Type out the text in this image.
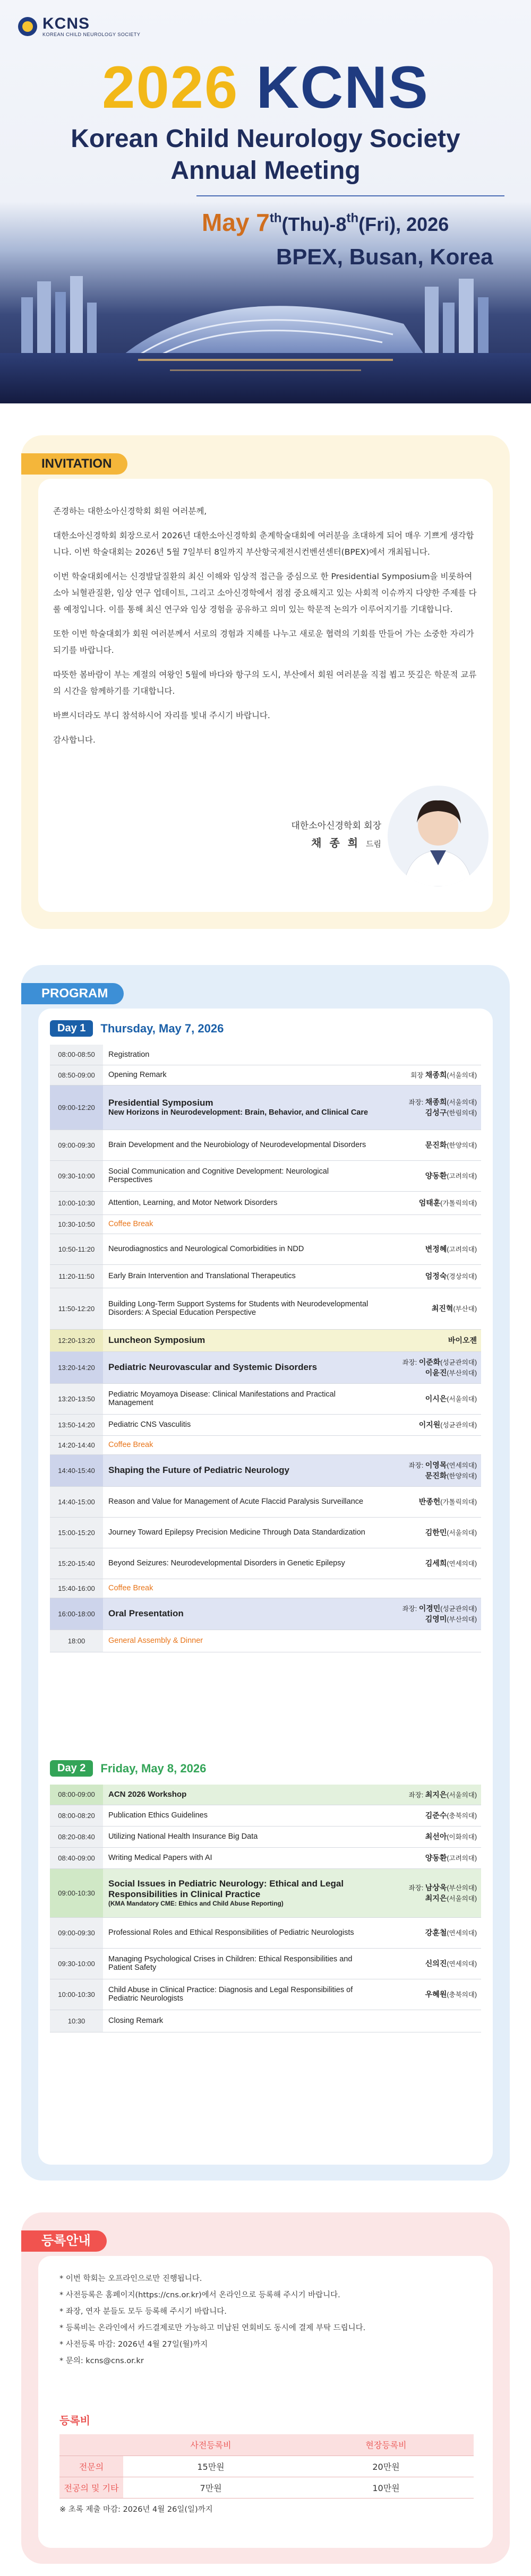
KCNS
KOREAN CHILD NEUROLOGY SOCIETY
2026 KCNS
Korean Child Neurology Society
Annual Meeting
May 7th(Thu)-8th(Fri), 2026
BPEX, Busan, Korea
INVITATION

존경하는 대한소아신경학회 회원 여러분께,

대한소아신경학회 회장으로서 2026년 대한소아신경학회 춘계학술대회에 여러분을 초대하게 되어 매우 기쁘게 생각합니다. 이번 학술대회는 2026년 5월 7일부터 8일까지 부산항국제전시컨벤션센터(BPEX)에서 개최됩니다.

이번 학술대회에서는 신경발달질환의 최신 이해와 임상적 접근을 중심으로 한 Presidential Symposium을 비롯하여 소아 뇌혈관질환, 임상 연구 업데이트, 그리고 소아신경학에서 점점 중요해지고 있는 사회적 이슈까지 다양한 주제를 다룰 예정입니다. 이를 통해 최신 연구와 임상 경험을 공유하고 의미 있는 학문적 논의가 이루어지기를 기대합니다.

또한 이번 학술대회가 회원 여러분께서 서로의 경험과 지혜를 나누고 새로운 협력의 기회를 만들어 가는 소중한 자리가 되기를 바랍니다.

따뜻한 봄바람이 부는 계절의 여왕인 5월에 바다와 항구의 도시, 부산에서 회원 여러분을 직접 뵙고 뜻깊은 학문적 교류의 시간을 함께하기를 기대합니다.

바쁘시더라도 부디 참석하시어 자리를 빛내 주시기 바랍니다.

감사합니다.

대한소아신경학회 회장
채 종 희 드림
PROGRAM
Day 1	Thursday, May 7, 2026
08:00-08:50	Registration	
08:50-09:00	Opening Remark	회장 채종희(서울의대)
09:00-12:20	Presidential Symposium
New Horizons in Neurodevelopment: Brain, Behavior, and Clinical Care	좌장: 채종희(서울의대)
김성구(한림의대)
09:00-09:30	Brain Development and the Neurobiology of Neurodevelopmental Disorders	문진화(한양의대)
09:30-10:00	Social Communication and Cognitive Development: Neurological Perspectives	양동환(고려의대)
10:00-10:30	Attention, Learning, and Motor Network Disorders	엄태훈(가톨릭의대)
10:30-10:50	Coffee Break	
10:50-11:20	Neurodiagnostics and Neurological Comorbidities in NDD	변정혜(고려의대)
11:20-11:50	Early Brain Intervention and Translational Therapeutics	엄정숙(경상의대)
11:50-12:20	Building Long-Term Support Systems for Students with Neurodevelopmental Disorders: A Special Education Perspective	최진혁(부산대)
12:20-13:20	Luncheon Symposium	바이오젠
13:20-14:20	Pediatric Neurovascular and Systemic Disorders	좌장: 이준화(성균관의대)
이윤진(부산의대)
13:20-13:50	Pediatric Moyamoya Disease: Clinical Manifestations and Practical Management	이시은(서울의대)
13:50-14:20	Pediatric CNS Vasculitis	이지원(성균관의대)
14:20-14:40	Coffee Break	
14:40-15:40	Shaping the Future of Pediatric Neurology	좌장: 이영목(연세의대)
문진화(한양의대)
14:40-15:00	Reason and Value for Management of Acute Flaccid Paralysis Surveillance	반종헌(가톨릭의대)
15:00-15:20	Journey Toward Epilepsy Precision Medicine Through Data Standardization	김한민(서울의대)
15:20-15:40	Beyond Seizures: Neurodevelopmental Disorders in Genetic Epilepsy	김세희(연세의대)
15:40-16:00	Coffee Break	
16:00-18:00	Oral Presentation	좌장: 이경민(성균관의대)
김영미(부산의대)
18:00	General Assembly & Dinner	
Day 2	Friday, May 8, 2026
08:00-09:00	ACN 2026 Workshop	좌장: 최지은(서울의대)
08:00-08:20	Publication Ethics Guidelines	김준수(충북의대)
08:20-08:40	Utilizing National Health Insurance Big Data	최선아(이화의대)
08:40-09:00	Writing Medical Papers with AI	양동환(고려의대)
09:00-10:30	Social Issues in Pediatric Neurology: Ethical and Legal Responsibilities in Clinical Practice
(KMA Mandatory CME: Ethics and Child Abuse Reporting)	좌장: 남상욱(부산의대)
최지은(서울의대)
09:00-09:30	Professional Roles and Ethical Responsibilities of Pediatric Neurologists	강훈철(연세의대)
09:30-10:00	Managing Psychological Crises in Children: Ethical Responsibilities and Patient Safety	신의진(연세의대)
10:00-10:30	Child Abuse in Clinical Practice: Diagnosis and Legal Responsibilities of Pediatric Neurologists	우혜원(충북의대)
10:30	Closing Remark	
등록안내
* 이번 학회는 오프라인으로만 진행됩니다.
* 사전등록은 홈페이지(https://cns.or.kr)에서 온라인으로 등록해 주시기 바랍니다.
* 좌장, 연자 분들도 모두 등록해 주시기 바랍니다.
* 등록비는 온라인에서 카드결제로만 가능하고 미납된 연회비도 동시에 결제 부탁 드립니다.
* 사전등록 마감: 2026년 4월 27일(월)까지
* 문의: kcns@cns.or.kr
등록비
	사전등록비	현장등록비
전문의	15만원	20만원
전공의 및 기타	7만원	10만원
※ 초록 제출 마감: 2026년 4월 26일(일)까지
